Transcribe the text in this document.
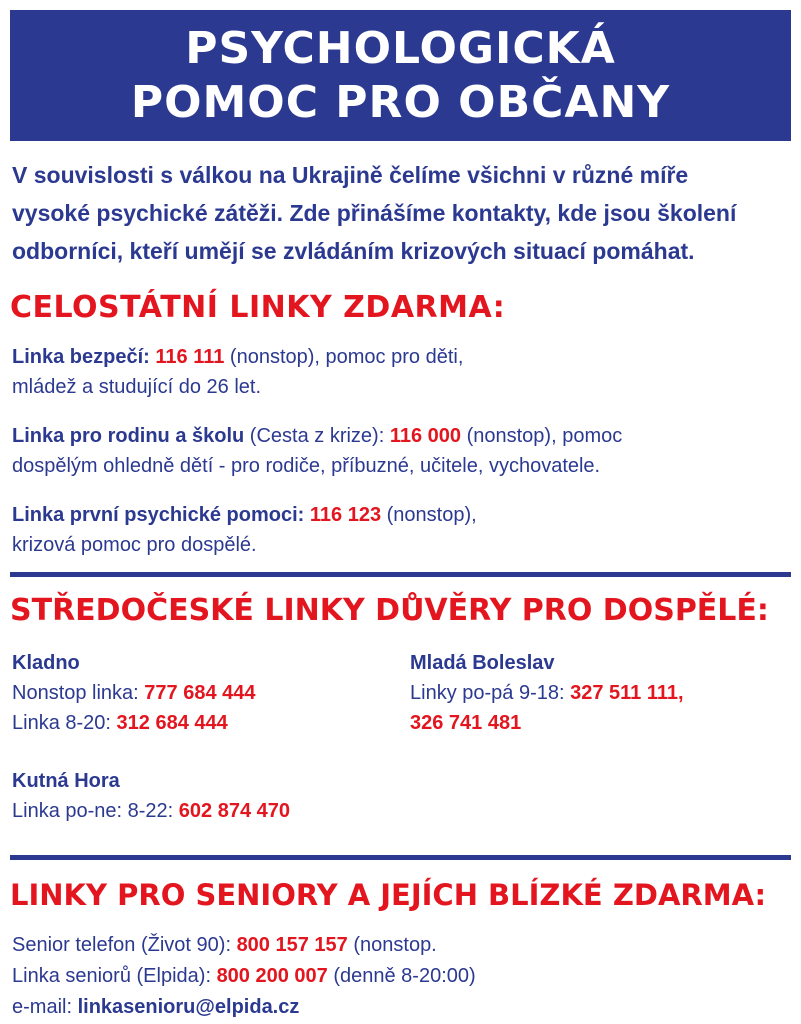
PSYCHOLOGICKÁ
POMOC PRO OBČANY
V souvislosti s válkou na Ukrajině čelíme všichni v různé míře
vysoké psychické zátěži. Zde přinášíme kontakty, kde jsou školení
odborníci, kteří umějí se zvládáním krizových situací pomáhat.
CELOSTÁTNÍ LINKY ZDARMA:
Linka bezpečí: 116 111 (nonstop), pomoc pro děti,
mládež a studující do 26 let.
Linka pro rodinu a školu (Cesta z krize): 116 000 (nonstop), pomoc
dospělým ohledně dětí - pro rodiče, příbuzné, učitele, vychovatele.
Linka první psychické pomoci: 116 123 (nonstop),
krizová pomoc pro dospělé.
STŘEDOČESKÉ LINKY DŮVĚRY PRO DOSPĚLÉ:
Kladno
Nonstop linka: 777 684 444
Linka 8-20: 312 684 444
Mladá Boleslav
Linky po-pá 9-18: 327 511 111,
326 741 481
Kutná Hora
Linka po-ne: 8-22: 602 874 470
LINKY PRO SENIORY A JEJÍCH BLÍZKÉ ZDARMA:
Senior telefon (Život 90): 800 157 157 (nonstop.
Linka seniorů (Elpida): 800 200 007 (denně 8-20:00)
e-mail: linkasenioru@elpida.cz
